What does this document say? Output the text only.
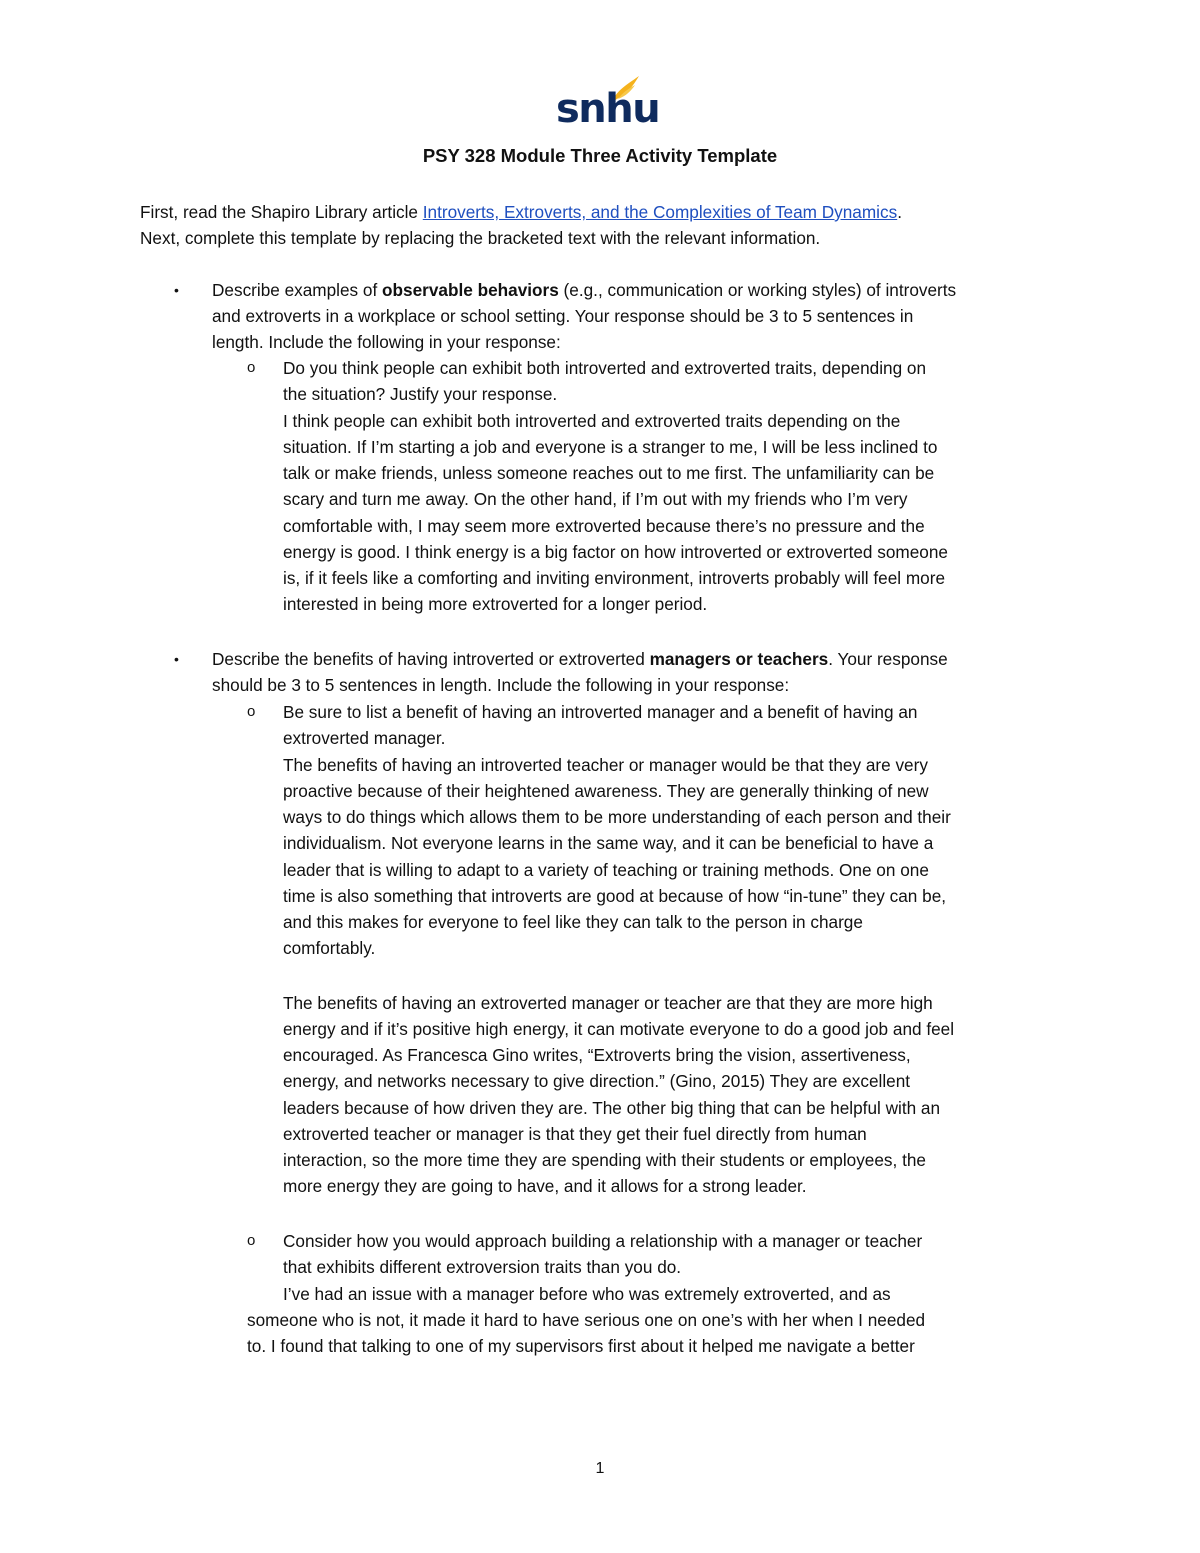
snhu
PSY 328 Module Three Activity Template

First, read the Shapiro Library article Introverts, Extroverts, and the Complexities of Team Dynamics.

Next, complete this template by replacing the bracketed text with the relevant information.

• Describe examples of observable behaviors (e.g., communication or working styles) of introverts

and extroverts in a workplace or school setting. Your response should be 3 to 5 sentences in

length. Include the following in your response:

o Do you think people can exhibit both introverted and extroverted traits, depending on

the situation? Justify your response.

I think people can exhibit both introverted and extroverted traits depending on the

situation. If I’m starting a job and everyone is a stranger to me, I will be less inclined to

talk or make friends, unless someone reaches out to me first. The unfamiliarity can be

scary and turn me away. On the other hand, if I’m out with my friends who I’m very

comfortable with, I may seem more extroverted because there’s no pressure and the

energy is good. I think energy is a big factor on how introverted or extroverted someone

is, if it feels like a comforting and inviting environment, introverts probably will feel more

interested in being more extroverted for a longer period.

• Describe the benefits of having introverted or extroverted managers or teachers. Your response

should be 3 to 5 sentences in length. Include the following in your response:

o Be sure to list a benefit of having an introverted manager and a benefit of having an

extroverted manager.

The benefits of having an introverted teacher or manager would be that they are very

proactive because of their heightened awareness. They are generally thinking of new

ways to do things which allows them to be more understanding of each person and their

individualism. Not everyone learns in the same way, and it can be beneficial to have a

leader that is willing to adapt to a variety of teaching or training methods. One on one

time is also something that introverts are good at because of how “in-tune” they can be,

and this makes for everyone to feel like they can talk to the person in charge

comfortably.

The benefits of having an extroverted manager or teacher are that they are more high

energy and if it’s positive high energy, it can motivate everyone to do a good job and feel

encouraged. As Francesca Gino writes, “Extroverts bring the vision, assertiveness,

energy, and networks necessary to give direction.” (Gino, 2015) They are excellent

leaders because of how driven they are. The other big thing that can be helpful with an

extroverted teacher or manager is that they get their fuel directly from human

interaction, so the more time they are spending with their students or employees, the

more energy they are going to have, and it allows for a strong leader.

o Consider how you would approach building a relationship with a manager or teacher

that exhibits different extroversion traits than you do.

I’ve had an issue with a manager before who was extremely extroverted, and as

someone who is not, it made it hard to have serious one on one’s with her when I needed

to. I found that talking to one of my supervisors first about it helped me navigate a better

1
